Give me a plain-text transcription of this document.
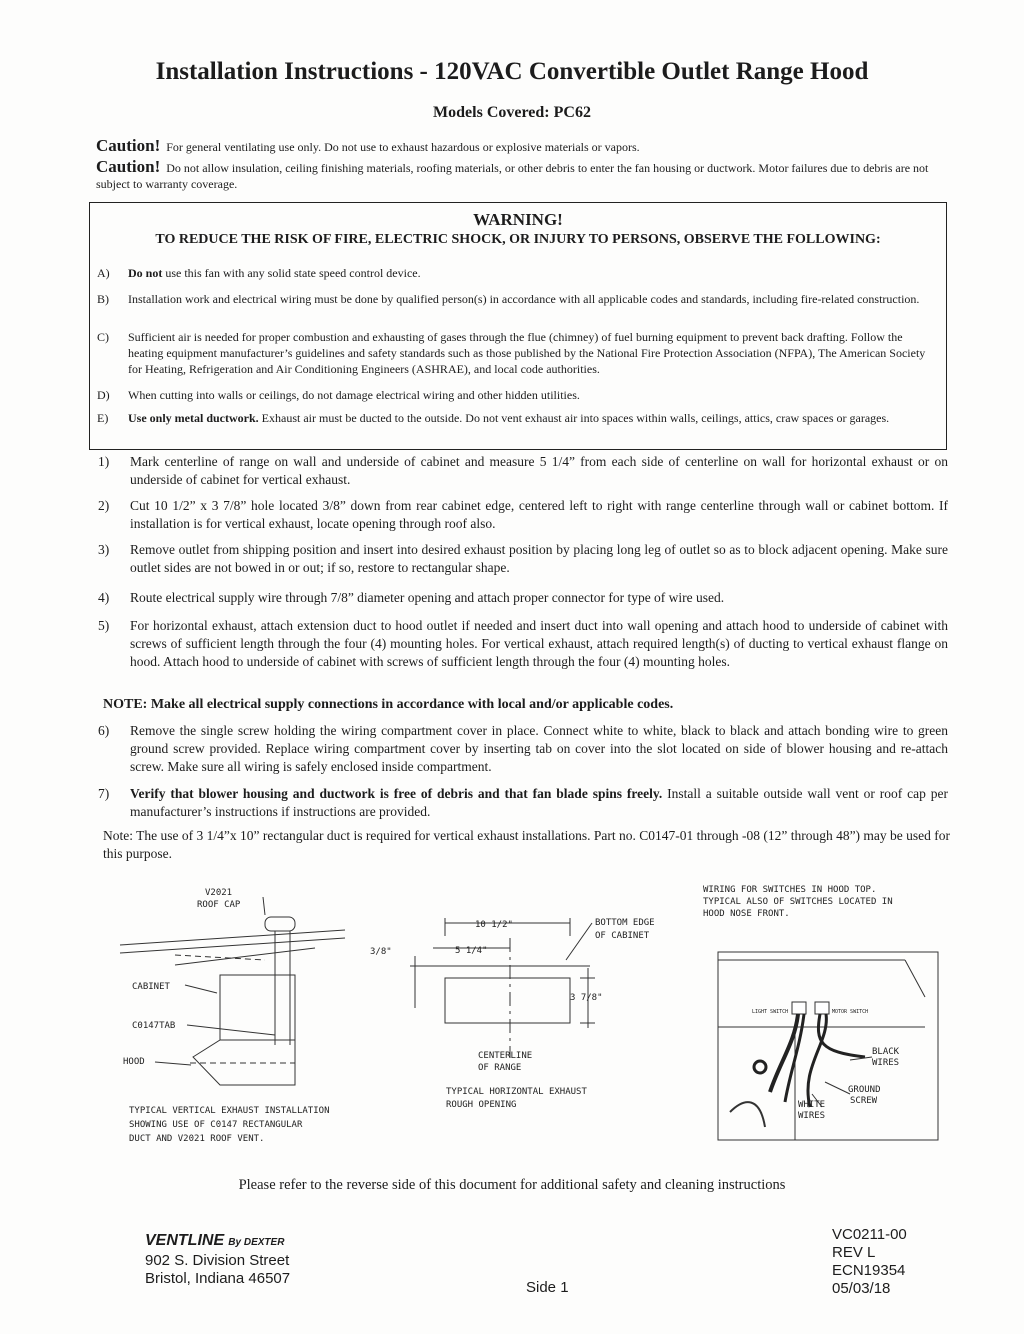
Installation Instructions - 120VAC Convertible Outlet Range Hood
Models Covered: PC62
Caution! For general ventilating use only. Do not use to exhaust hazardous or explosive materials or vapors.
Caution! Do not allow insulation, ceiling finishing materials, roofing materials, or other debris to enter the fan housing or ductwork. Motor failures due to debris are not subject to warranty coverage.
WARNING!
TO REDUCE THE RISK OF FIRE, ELECTRIC SHOCK, OR INJURY TO PERSONS, OBSERVE THE FOLLOWING:
A) Do not use this fan with any solid state speed control device.
B) Installation work and electrical wiring must be done by qualified person(s) in accordance with all applicable codes and standards, including fire-related construction.
C) Sufficient air is needed for proper combustion and exhausting of gases through the flue (chimney) of fuel burning equipment to prevent back drafting. Follow the heating equipment manufacturer’s guidelines and safety standards such as those published by the National Fire Protection Association (NFPA), The American Society for Heating, Refrigeration and Air Conditioning Engineers (ASHRAE), and local code authorities.
D) When cutting into walls or ceilings, do not damage electrical wiring and other hidden utilities.
E) Use only metal ductwork. Exhaust air must be ducted to the outside. Do not vent exhaust air into spaces within walls, ceilings, attics, craw spaces or garages.
1) Mark centerline of range on wall and underside of cabinet and measure 5 1/4” from each side of centerline on wall for horizontal exhaust or on underside of cabinet for vertical exhaust.
2) Cut 10 1/2” x 3 7/8” hole located 3/8” down from rear cabinet edge, centered left to right with range centerline through wall or cabinet bottom. If installation is for vertical exhaust, locate opening through roof also.
3) Remove outlet from shipping position and insert into desired exhaust position by placing long leg of outlet so as to block adjacent opening. Make sure outlet sides are not bowed in or out; if so, restore to rectangular shape.
4) Route electrical supply wire through 7/8” diameter opening and attach proper connector for type of wire used.
5) For horizontal exhaust, attach extension duct to hood outlet if needed and insert duct into wall opening and attach hood to underside of cabinet with screws of sufficient length through the four (4) mounting holes. For vertical exhaust, attach required length(s) of ducting to vertical exhaust flange on hood. Attach hood to underside of cabinet with screws of sufficient length through the four (4) mounting holes.
NOTE: Make all electrical supply connections in accordance with local and/or applicable codes.
6) Remove the single screw holding the wiring compartment cover in place. Connect white to white, black to black and attach bonding wire to green ground screw provided. Replace wiring compartment cover by inserting tab on cover into the slot located on side of blower housing and re-attach screw. Make sure all wiring is safely enclosed inside compartment.
7) Verify that blower housing and ductwork is free of debris and that fan blade spins freely. Install a suitable outside wall vent or roof cap per manufacturer’s instructions if instructions are provided.
Note: The use of 3 1/4”x 10” rectangular duct is required for vertical exhaust installations. Part no. C0147-01 through -08 (12” through 48”) may be used for this purpose.
V2021
ROOF CAP
CABINET
C0147TAB
HOOD
TYPICAL VERTICAL EXHAUST INSTALLATION
SHOWING USE OF C0147 RECTANGULAR
DUCT AND V2021 ROOF VENT.
10 1/2"
5 1/4"
3/8"
3 7/8"
BOTTOM EDGE
OF CABINET
CENTERLINE
OF RANGE
TYPICAL HORIZONTAL EXHAUST
ROUGH OPENING
WIRING FOR SWITCHES IN HOOD TOP.
TYPICAL ALSO OF SWITCHES LOCATED IN
HOOD NOSE FRONT.
LIGHT SWITCH	MOTOR SWITCH
BLACK
WIRES
GROUND
SCREW
WHITE
WIRES
Please refer to the reverse side of this document for additional safety and cleaning instructions
VENTLINE By DEXTER
902 S. Division Street
Bristol, Indiana 46507
Side 1
VC0211-00
REV L
ECN19354
05/03/18
